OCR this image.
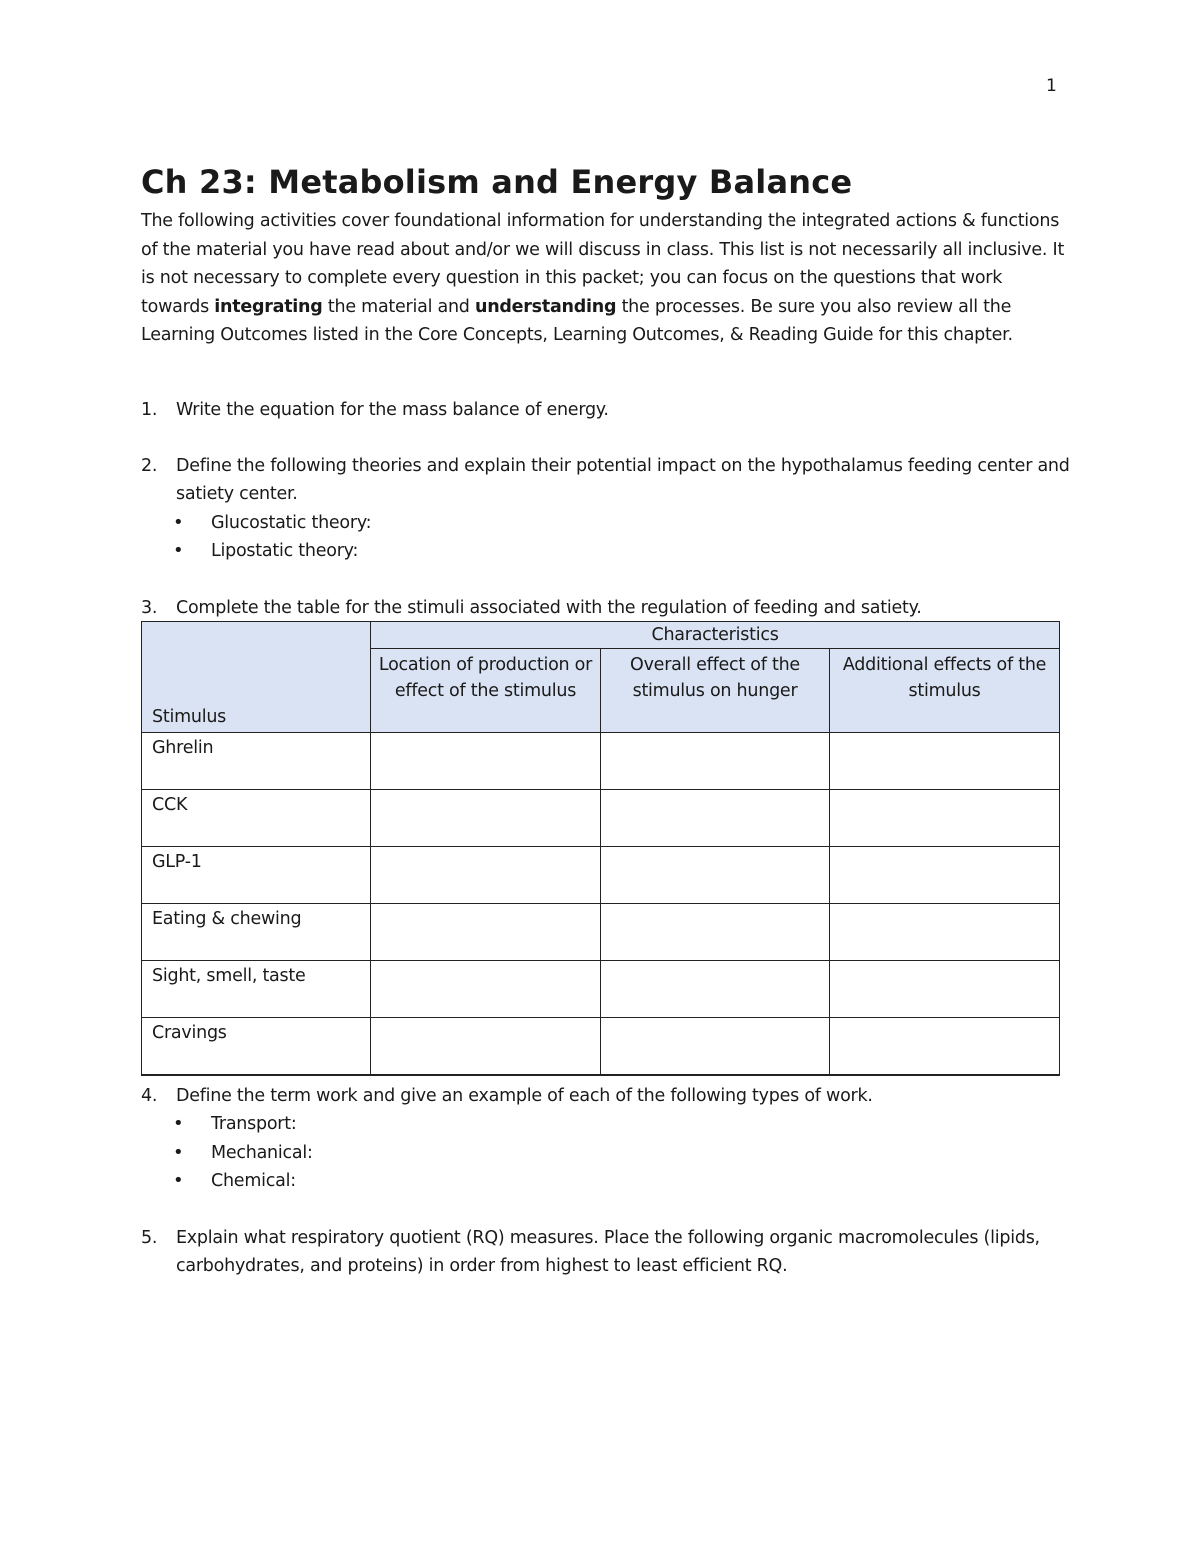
1
Ch 23: Metabolism and Energy Balance

The following activities cover foundational information for understanding the integrated actions & functions of the material you have read about and/or we will discuss in class. This list is not necessarily all inclusive. It is not necessary to complete every question in this packet; you can focus on the questions that work towards integrating the material and understanding the processes. Be sure you also review all the Learning Outcomes listed in the Core Concepts, Learning Outcomes, & Reading Guide for this chapter.

1. Write the equation for the mass balance of energy.
2. Define the following theories and explain their potential impact on the hypothalamus feeding center and satiety center.
• Glucostatic theory:
• Lipostatic theory:
3. Complete the table for the stimuli associated with the regulation of feeding and satiety.
Stimulus	Characteristics		
	Location of production or effect of the stimulus	Overall effect of the stimulus on hunger	Additional effects of the stimulus
Ghrelin			
CCK			
GLP-1			
Eating & chewing			
Sight, smell, taste			
Cravings			
4. Define the term work and give an example of each of the following types of work.
• Transport:
• Mechanical:
• Chemical:
5. Explain what respiratory quotient (RQ) measures. Place the following organic macromolecules (lipids, carbohydrates, and proteins) in order from highest to least efficient RQ.
